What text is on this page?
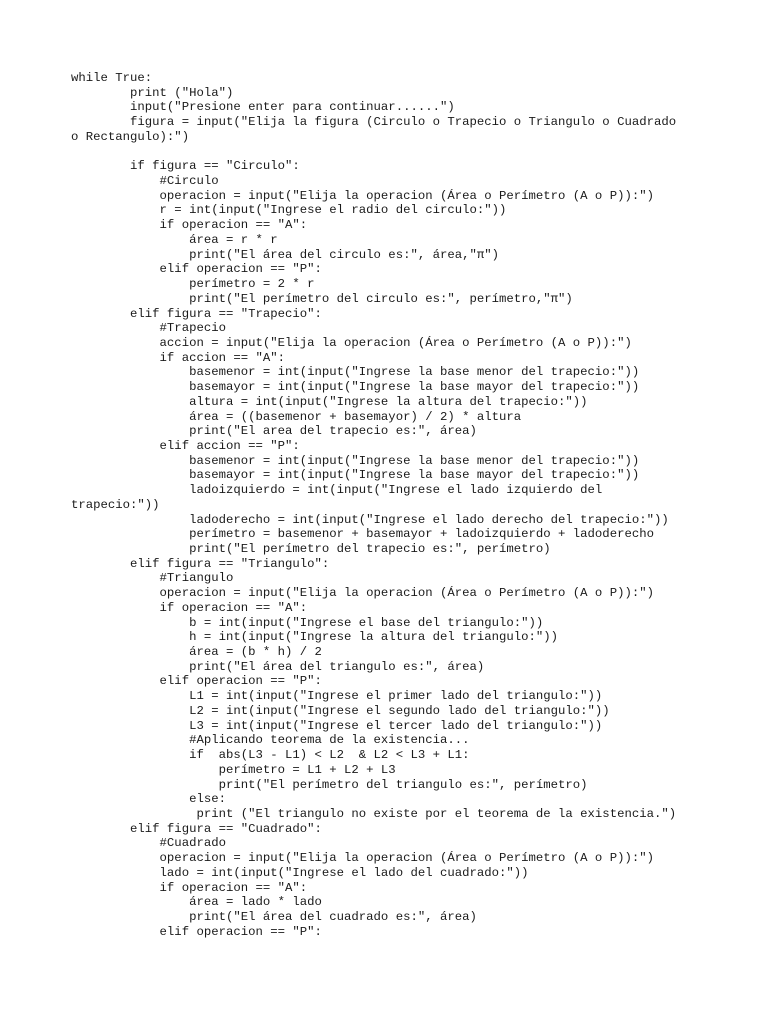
while True:
print ("Hola")
input("Presione enter para continuar......")
figura = input("Elija la figura (Circulo o Trapecio o Triangulo o Cuadrado
o Rectangulo):")
if figura == "Circulo":
#Circulo
operacion = input("Elija la operacion (Área o Perímetro (A o P)):")
r = int(input("Ingrese el radio del circulo:"))
if operacion == "A":
área = r * r
print("El área del circulo es:", área,"π")
elif operacion == "P":
perímetro = 2 * r
print("El perímetro del circulo es:", perímetro,"π")
elif figura == "Trapecio":
#Trapecio
accion = input("Elija la operacion (Área o Perímetro (A o P)):")
if accion == "A":
basemenor = int(input("Ingrese la base menor del trapecio:"))
basemayor = int(input("Ingrese la base mayor del trapecio:"))
altura = int(input("Ingrese la altura del trapecio:"))
área = ((basemenor + basemayor) / 2) * altura
print("El area del trapecio es:", área)
elif accion == "P":
basemenor = int(input("Ingrese la base menor del trapecio:"))
basemayor = int(input("Ingrese la base mayor del trapecio:"))
ladoizquierdo = int(input("Ingrese el lado izquierdo del
trapecio:"))
ladoderecho = int(input("Ingrese el lado derecho del trapecio:"))
perímetro = basemenor + basemayor + ladoizquierdo + ladoderecho
print("El perímetro del trapecio es:", perímetro)
elif figura == "Triangulo":
#Triangulo
operacion = input("Elija la operacion (Área o Perímetro (A o P)):")
if operacion == "A":
b = int(input("Ingrese el base del triangulo:"))
h = int(input("Ingrese la altura del triangulo:"))
área = (b * h) / 2
print("El área del triangulo es:", área)
elif operacion == "P":
L1 = int(input("Ingrese el primer lado del triangulo:"))
L2 = int(input("Ingrese el segundo lado del triangulo:"))
L3 = int(input("Ingrese el tercer lado del triangulo:"))
#Aplicando teorema de la existencia...
if  abs(L3 - L1) < L2  & L2 < L3 + L1:
perímetro = L1 + L2 + L3
print("El perímetro del triangulo es:", perímetro)
else:
print ("El triangulo no existe por el teorema de la existencia.")
elif figura == "Cuadrado":
#Cuadrado
operacion = input("Elija la operacion (Área o Perímetro (A o P)):")
lado = int(input("Ingrese el lado del cuadrado:"))
if operacion == "A":
área = lado * lado
print("El área del cuadrado es:", área)
elif operacion == "P":
